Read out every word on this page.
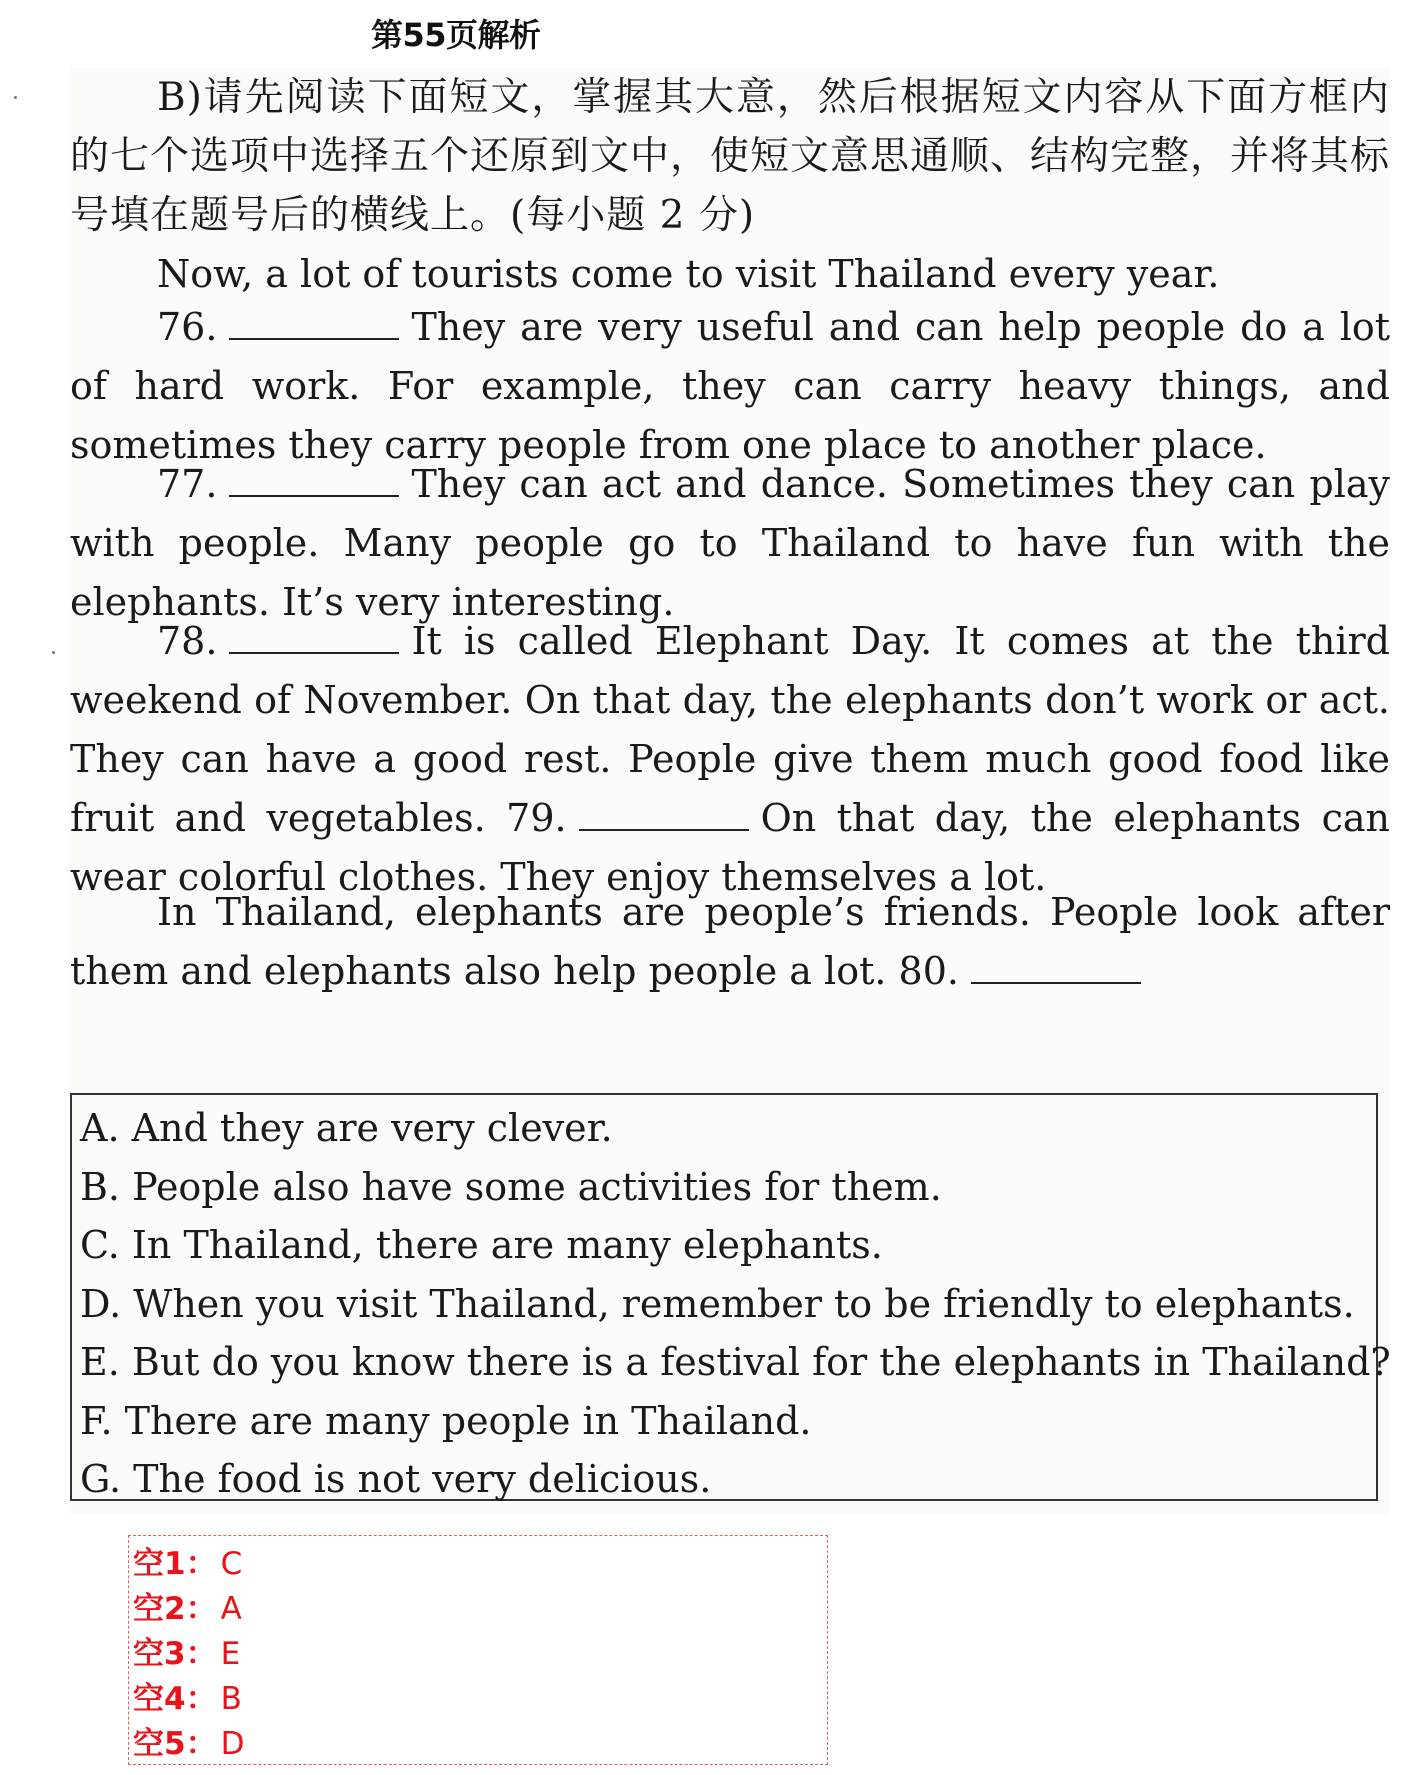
第55页解析

B)请先阅读下面短文，掌握其大意，然后根据短文内容从下面方框内的七个选项中选择五个还原到文中，使短文意思通顺、结构完整，并将其标号填在题号后的横线上。(每小题 2 分)

Now, a lot of tourists come to visit Thailand every year.

76.	They are very useful and can help people do a lot of hard work. For example, they can carry heavy things, and sometimes they carry people from one place to another place.

77.	They can act and dance. Sometimes they can play with people. Many people go to Thailand to have fun with the elephants. It’s very interesting.

78.	It is called Elephant Day. It comes at the third weekend of November. On that day, the elephants don’t work or act. They can have a good rest. People give them much good food like fruit and vegetables. 79.	On that day, the elephants can wear colorful clothes. They enjoy themselves a lot.

In Thailand, elephants are people’s friends. People look after them and elephants also help people a lot. 80.

A. And they are very clever.
B. People also have some activities for them.
C. In Thailand, there are many elephants.
D. When you visit Thailand, remember to be friendly to elephants.
E. But do you know there is a festival for the elephants in Thailand?
F. There are many people in Thailand.
G. The food is not very delicious.
空1： C
空2： A
空3： E
空4： B
空5： D
